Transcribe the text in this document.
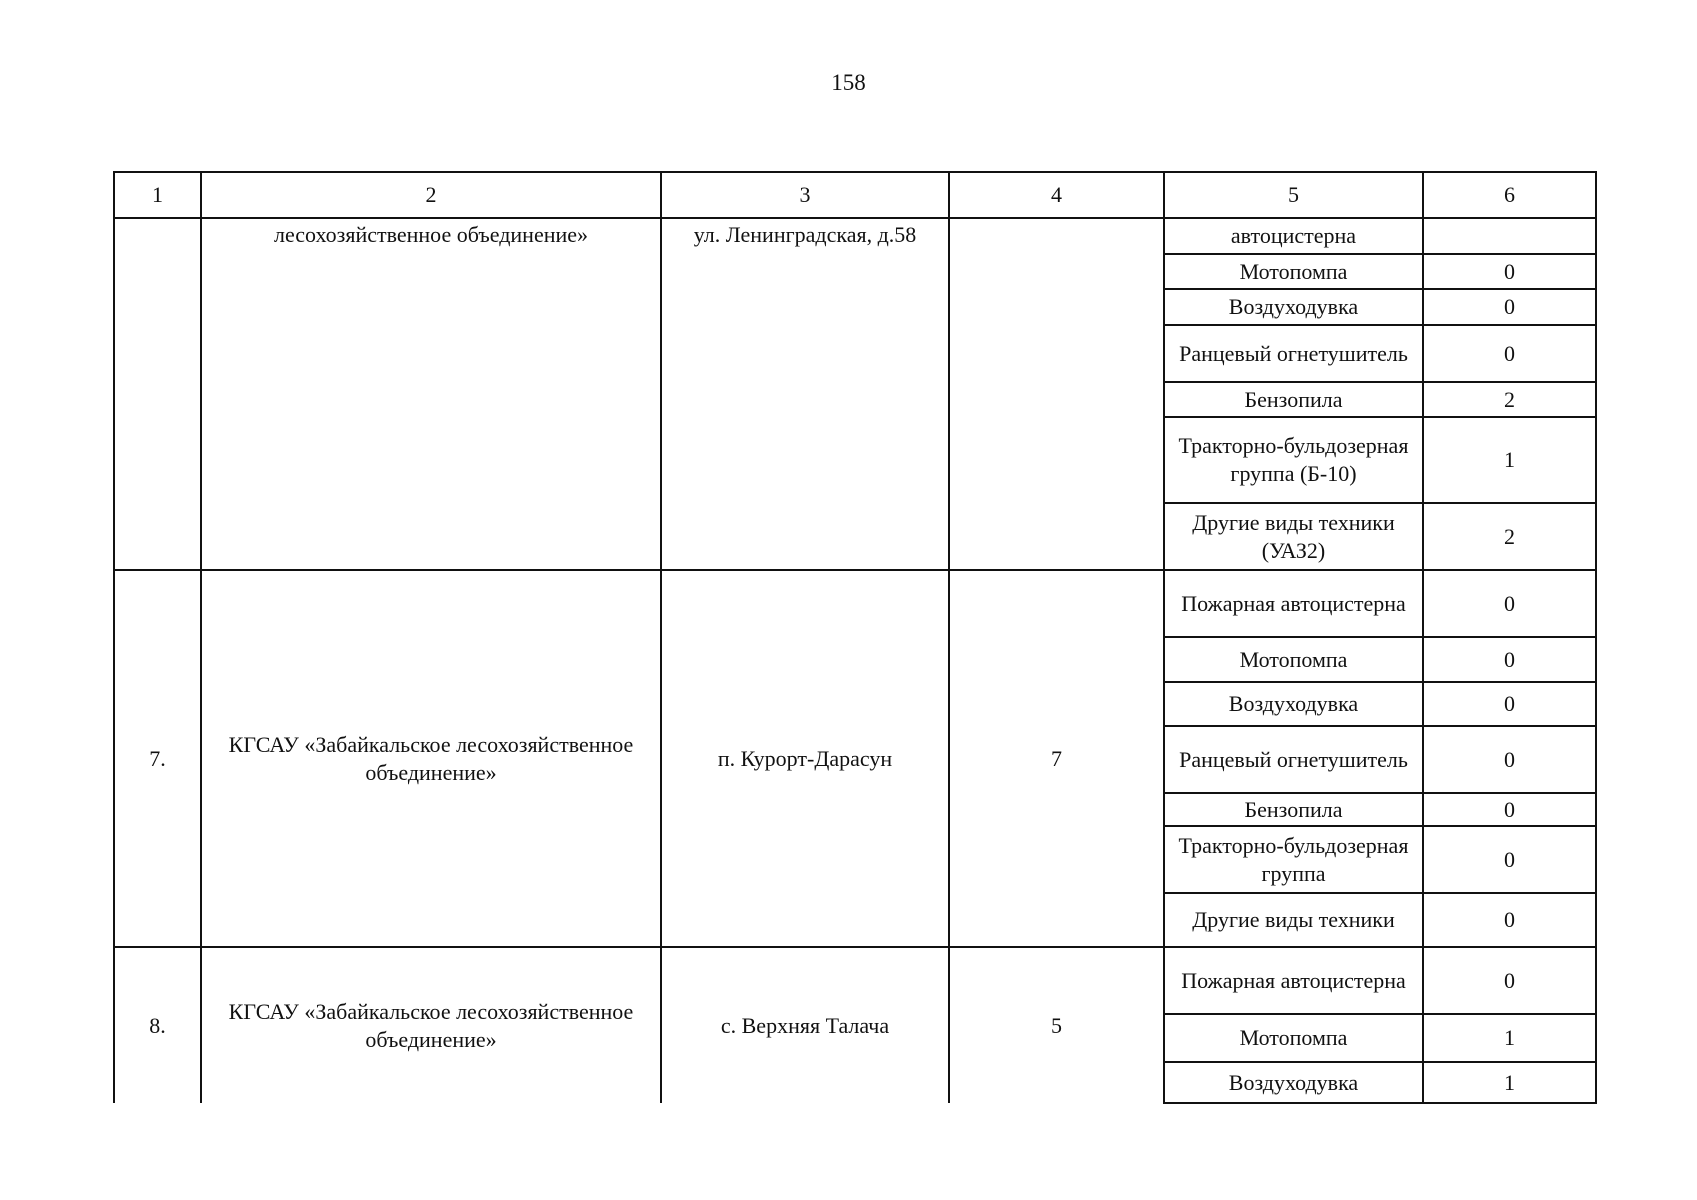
158
1	2	3	4	5	6
	лесохозяйственное объединение»	ул. Ленинградская, д.58		автоцистерна	
				Мотопомпа	0
				Воздуходувка	0
				Ранцевый огнетушитель	0
				Бензопила	2
				Тракторно-бульдозерная группа (Б-10)	1
				Другие виды техники (УАЗ2)	2
7.	КГСАУ «Забайкальское лесохозяйственное объединение»	п. Курорт-Дарасун	7	Пожарная автоцистерна	0
				Мотопомпа	0
				Воздуходувка	0
				Ранцевый огнетушитель	0
				Бензопила	0
				Тракторно-бульдозерная группа	0
				Другие виды техники	0
8.	КГСАУ «Забайкальское лесохозяйственное объединение»	с. Верхняя Талача	5	Пожарная автоцистерна	0
				Мотопомпа	1
				Воздуходувка	1
